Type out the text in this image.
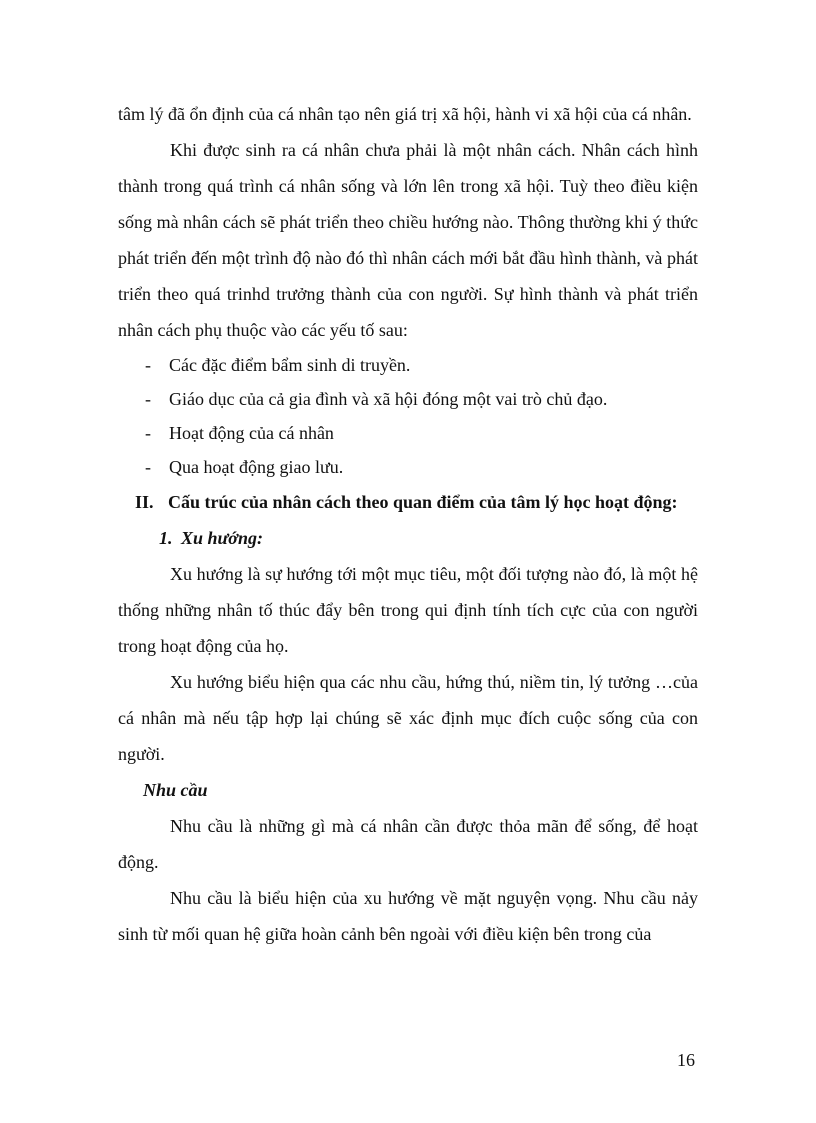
tâm lý đã ổn định của cá nhân tạo nên giá trị xã hội, hành vi xã hội của cá nhân.

Khi được sinh ra cá nhân chưa phải là một nhân cách. Nhân cách hình thành trong quá trình cá nhân sống và lớn lên trong xã hội. Tuỳ theo điều kiện sống mà nhân cách sẽ phát triển theo chiều hướng nào. Thông thường khi ý thức phát triển đến một trình độ nào đó thì nhân cách mới bắt đầu hình thành, và phát triển theo quá trinhd trưởng thành của con người. Sự hình thành và phát triển nhân cách phụ thuộc vào các yếu tố sau:

- Các đặc điểm bẩm sinh di truyền.

- Giáo dục của cả gia đình và xã hội đóng một vai trò chủ đạo.

- Hoạt động của cá nhân

- Qua hoạt động giao lưu.

II. Cấu trúc của nhân cách theo quan điểm của tâm lý học hoạt động:

1. Xu hướng:

Xu hướng là sự hướng tới một mục tiêu, một đối tượng nào đó, là một hệ thống những nhân tố thúc đẩy bên trong qui định tính tích cực của con người trong hoạt động của họ.

Xu hướng biểu hiện qua các nhu cầu, hứng thú, niềm tin, lý tưởng …của cá nhân mà nếu tập hợp lại chúng sẽ xác định mục đích cuộc sống của con người.

Nhu cầu

Nhu cầu là những gì mà cá nhân cần được thỏa mãn để sống, để hoạt động.

Nhu cầu là biểu hiện của xu hướng về mặt nguyện vọng. Nhu cầu nảy sinh từ mối quan hệ giữa hoàn cảnh bên ngoài với điều kiện bên trong của

16
